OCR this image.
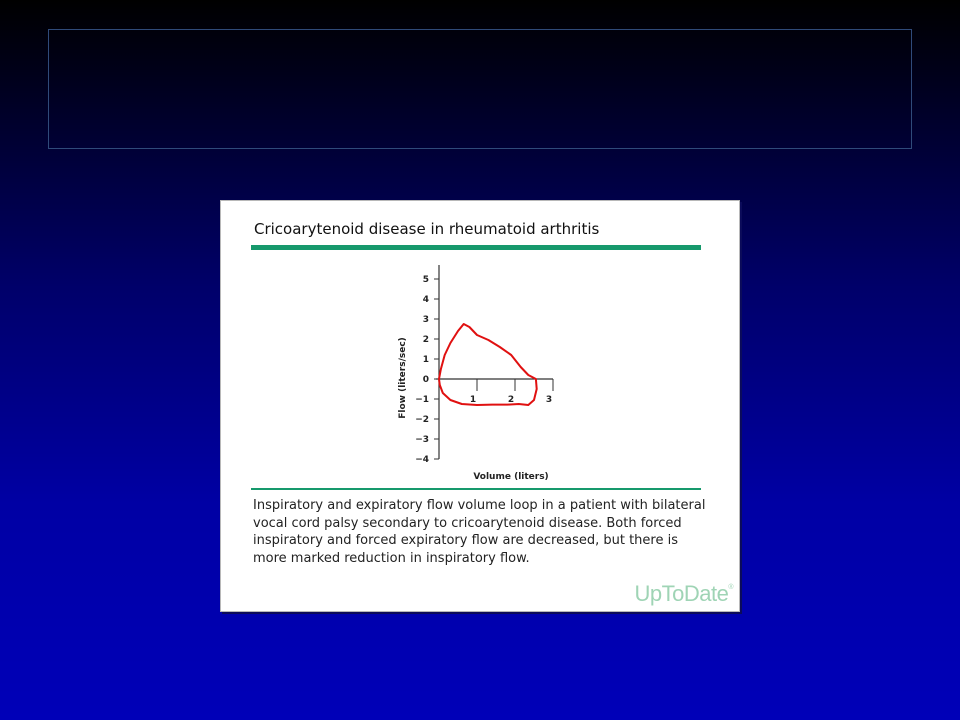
Cricoarytenoid disease in rheumatoid arthritis
5
4
3
2
1
0
−1
−2
−3
−4
1	2	3
Flow (liters/sec)
Volume (liters)
Inspiratory and expiratory flow volume loop in a patient with bilateral vocal cord palsy secondary to cricoarytenoid disease. Both forced inspiratory and forced expiratory flow are decreased, but there is more marked reduction in inspiratory flow.
UpToDate®
